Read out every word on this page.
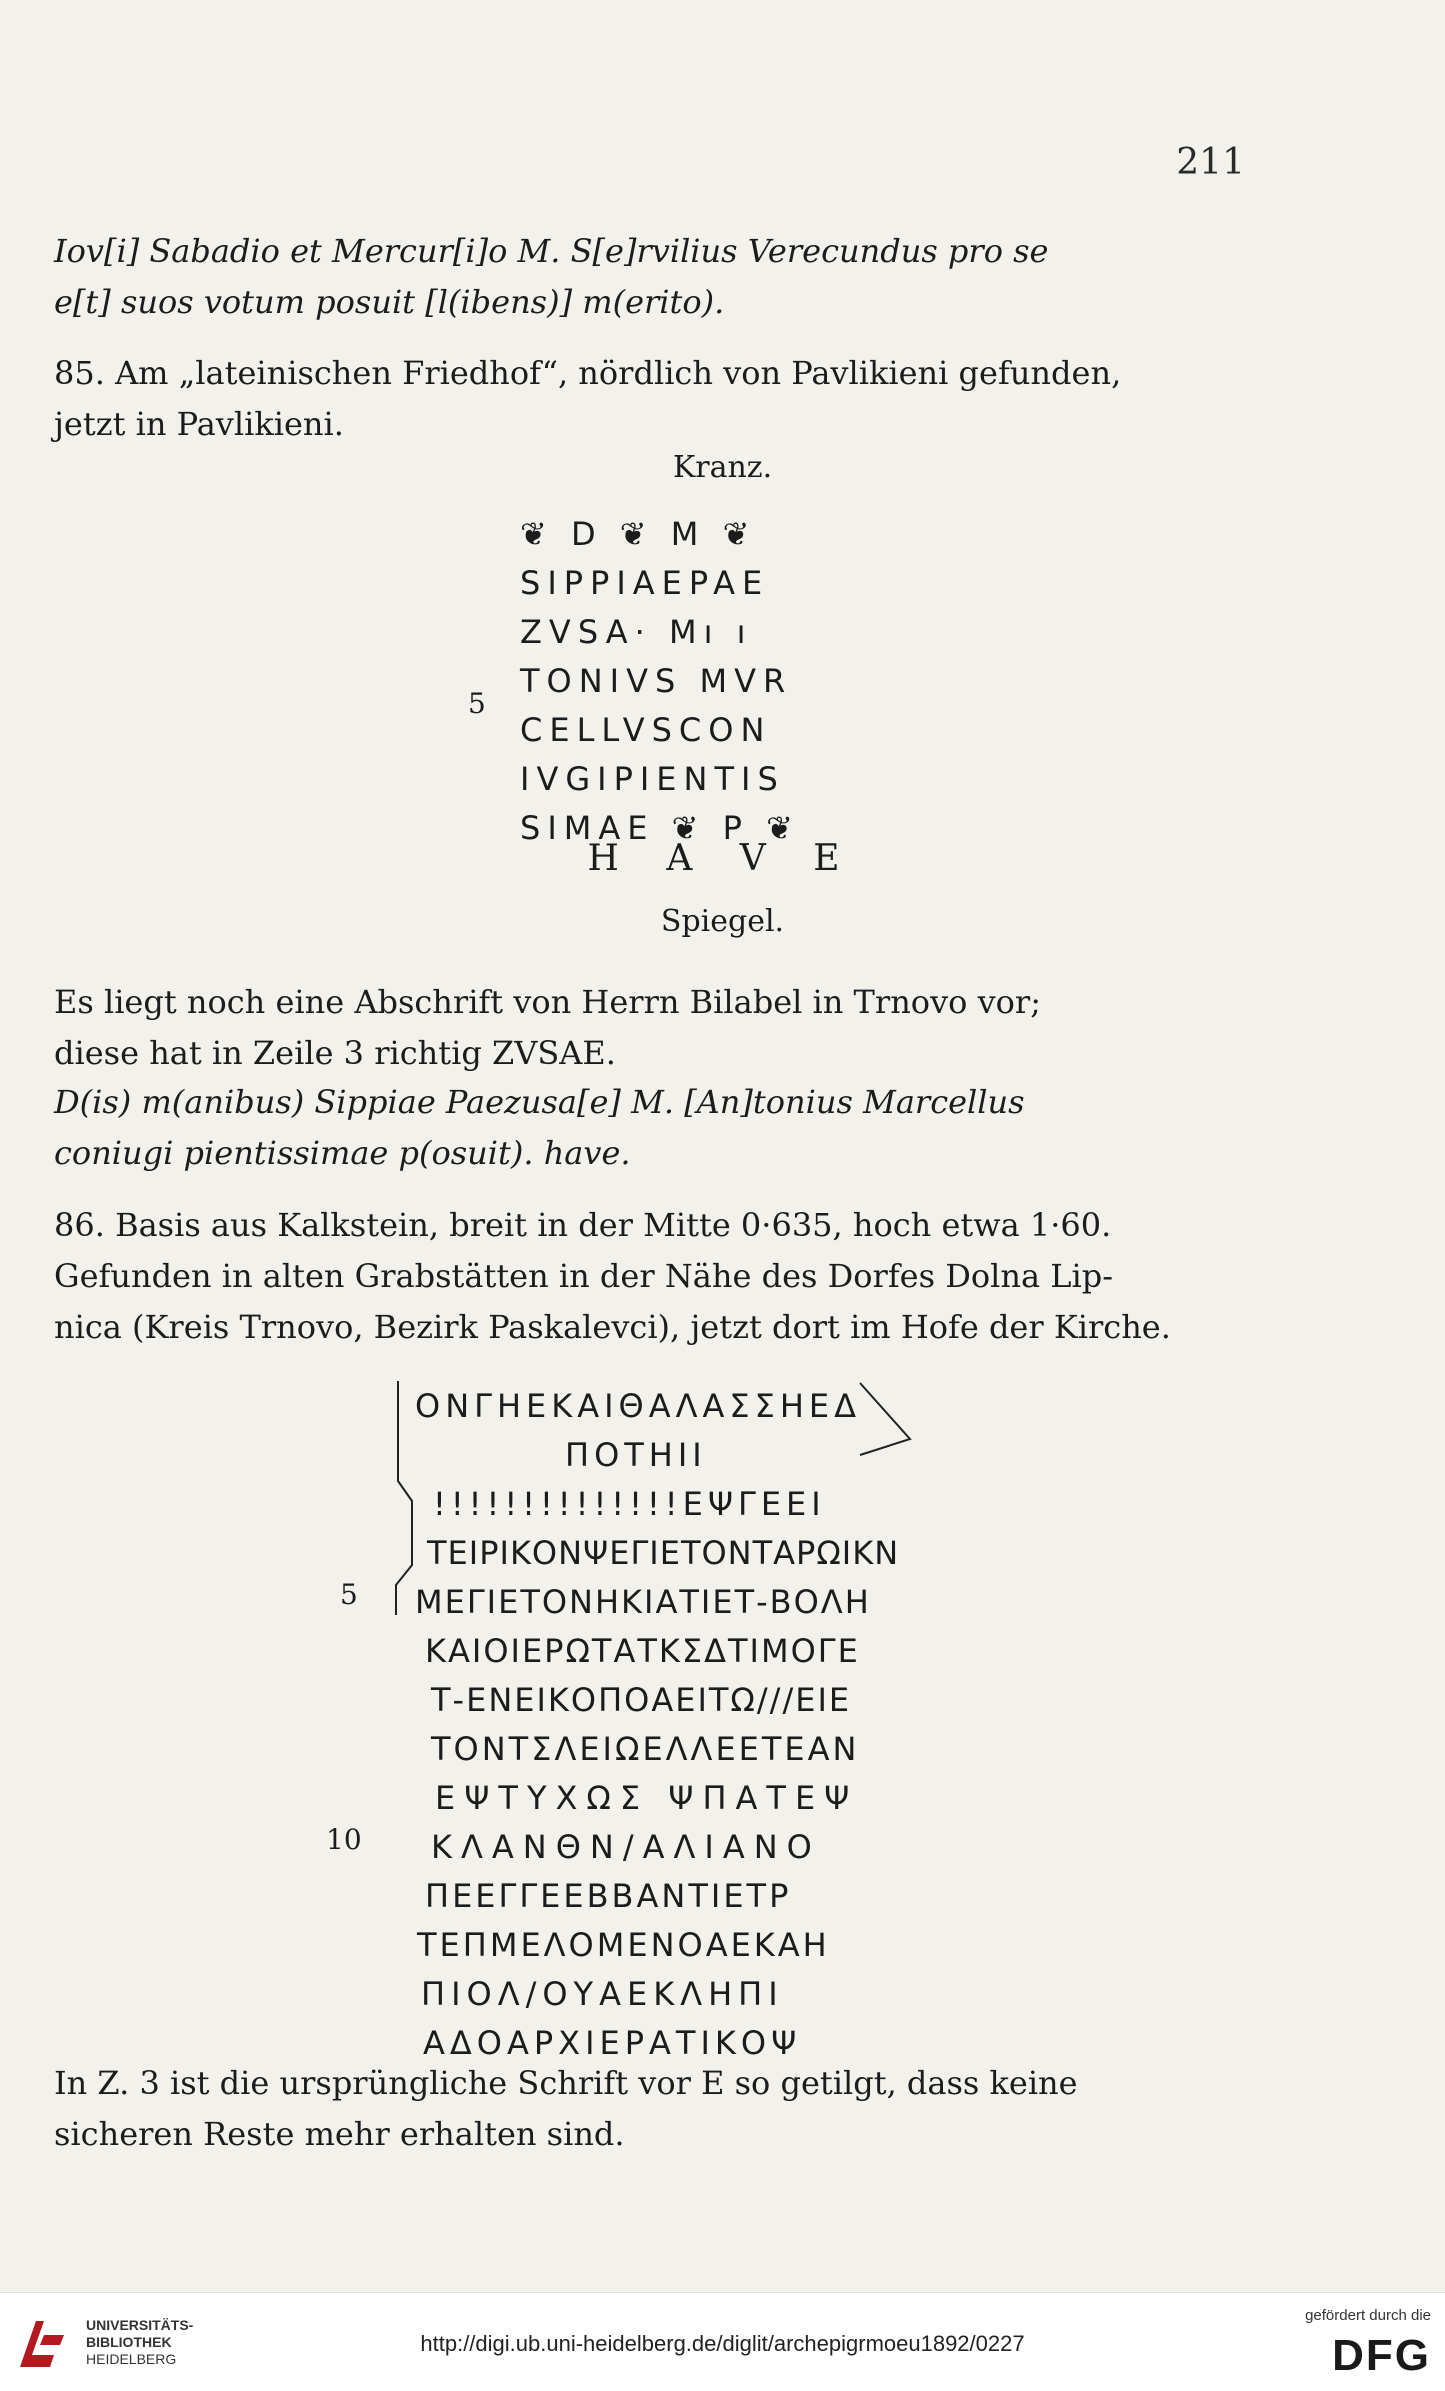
211
Iov[i] Sabadio et Mercur[i]o M. S[e]rvilius Verecundus pro se
e[t] suos votum posuit [l(ibens)] m(erito).
85. Am „lateinischen Friedhof“, nördlich von Pavlikieni gefunden,
jetzt in Pavlikieni.
Kranz.
❦ D ❦ M ❦
SIPPIAEPAE
ZVSA· Mı ı
TONIVS MVR
CELLVSCON
IVGIPIENTIS
SIMAE ❦ P ❦
5
H A V E
Spiegel.
Es liegt noch eine Abschrift von Herrn Bilabel in Trnovo vor;
diese hat in Zeile 3 richtig ZVSAE.
D(is) m(anibus) Sippiae Paezusa[e] M. [An]tonius Marcellus
coniugi pientissimae p(osuit). have.
86. Basis aus Kalkstein, breit in der Mitte 0·635, hoch etwa 1·60.
Gefunden in alten Grabstätten in der Nähe des Dorfes Dolna Lip-
nica (Kreis Trnovo, Bezirk Paskalevci), jetzt dort im Hofe der Kirche.
ΟΝΓΗ͏ΕΚΑΙΘΑΛΑΣΣΗΕΔ
ΠΟΤΗΙΙ
!!!!!!!!!!!!!!ΕΨΓΕΕΙ
ΤΕΙΡΙΚΟΝΨΕΓΙΕΤΟΝΤΑΡΩΙΚΝ
ΜΕΓΙΕΤΟΝΗΚΙΑΤΙΕΤ-ΒΟΛΗ
ΚΑΙΟΙΕΡΩΤΑΤΚΣΔΤΙΜΟΓΕ
Τ-ΕΝΕΙΚΟΠΟΑΕΙΤΩ///ΕΙΕ
ΤΟΝΤΣΛΕΙΩΕΛΛΕΕΤΕΑΝ
ΕΨΤΥΧΩΣ ΨΠΑΤΕΨ
ΚΛΑΝΘΝ/ΑΛΙΑΝΟ
ΠΕΕΓΓΕΕΒΒΑΝΤΙΕΤΡ
ΤΕΠΜΕΛΟΜΕΝΟΑΕΚΑΗ
ΠΙΟΛ/ΟΥΑΕΚΛΗΠΙ
ΑΔΟΑΡΧΙΕΡΑΤΙΚΟΨ
5
10
In Z. 3 ist die ursprüngliche Schrift vor E so getilgt, dass keine
sicheren Reste mehr erhalten sind.
UNIVERSITÄTS-
BIBLIOTHEK
HEIDELBERG
http://digi.ub.uni-heidelberg.de/diglit/archepigrmoeu1892/0227
gefördert durch die
DFG
